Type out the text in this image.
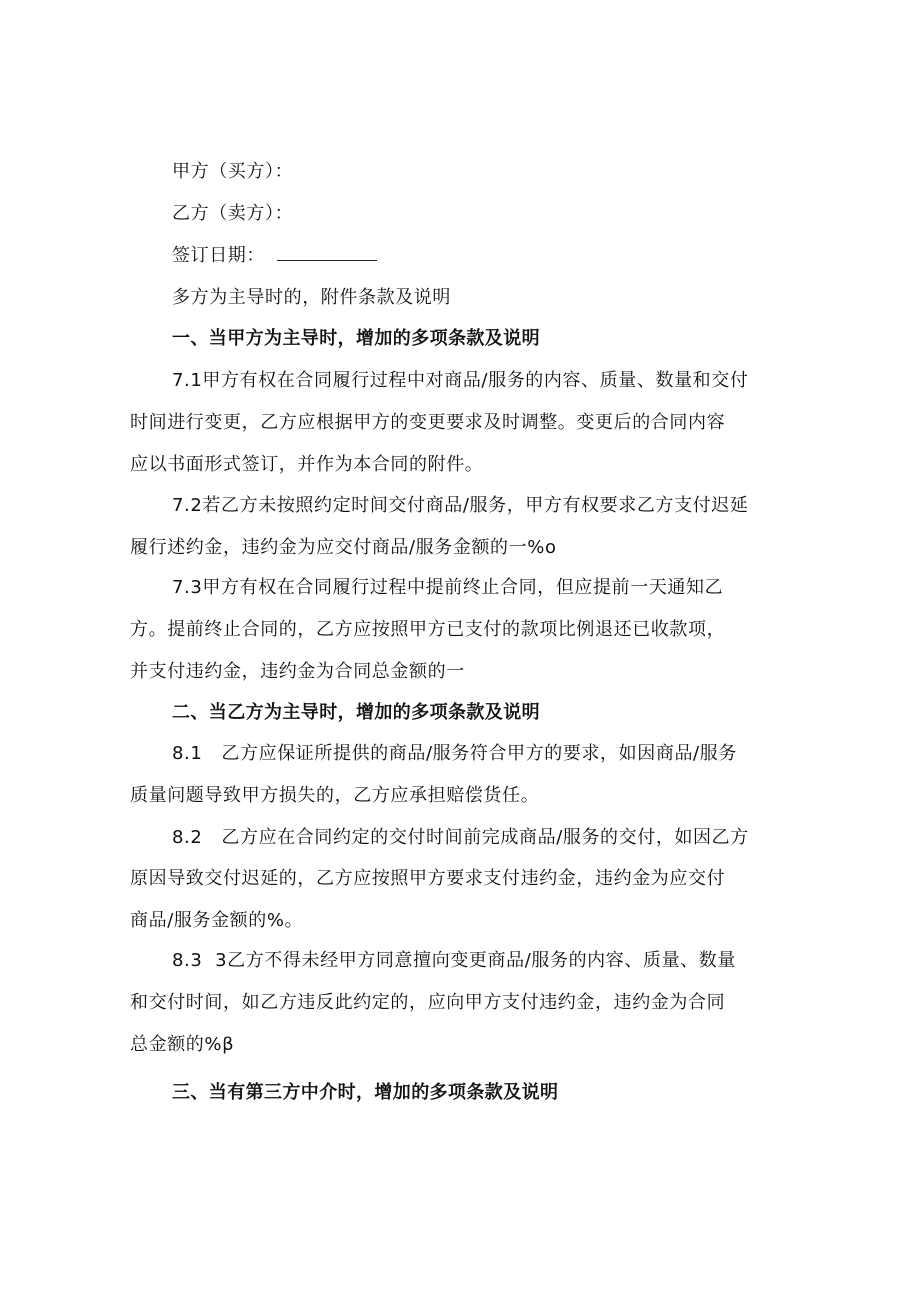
甲方（买方）：
乙方（卖方）：
签订日期：
多方为主导时的，附件条款及说明
一、当甲方为主导时，增加的多项条款及说明
7.1甲方有权在合同履行过程中对商品/服务的内容、质量、数量和交付
时间进行变更，乙方应根据甲方的变更要求及时调整。变更后的合同内容
应以书面形式签订，并作为本合同的附件。
7.2若乙方未按照约定时间交付商品/服务，甲方有权要求乙方支付迟延
履行述约金，违约金为应交付商品/服务金额的一%o
7.3甲方有权在合同履行过程中提前终止合同，但应提前一天通知乙
方。提前终止合同的，乙方应按照甲方已支付的款项比例退还已收款项，
并支付违约金，违约金为合同总金额的一
二、当乙方为主导时，增加的多项条款及说明
8.1   乙方应保证所提供的商品/服务符合甲方的要求，如因商品/服务
质量问题导致甲方损失的，乙方应承担赔偿货任。
8.2   乙方应在合同约定的交付时间前完成商品/服务的交付，如因乙方
原因导致交付迟延的，乙方应按照甲方要求支付违约金，违约金为应交付
商品/服务金额的%。
8.3  3乙方不得未经甲方同意擅向变更商品/服务的内容、质量、数量
和交付时间，如乙方违反此约定的，应向甲方支付违约金，违约金为合同
总金额的%β
三、当有第三方中介时，增加的多项条款及说明
